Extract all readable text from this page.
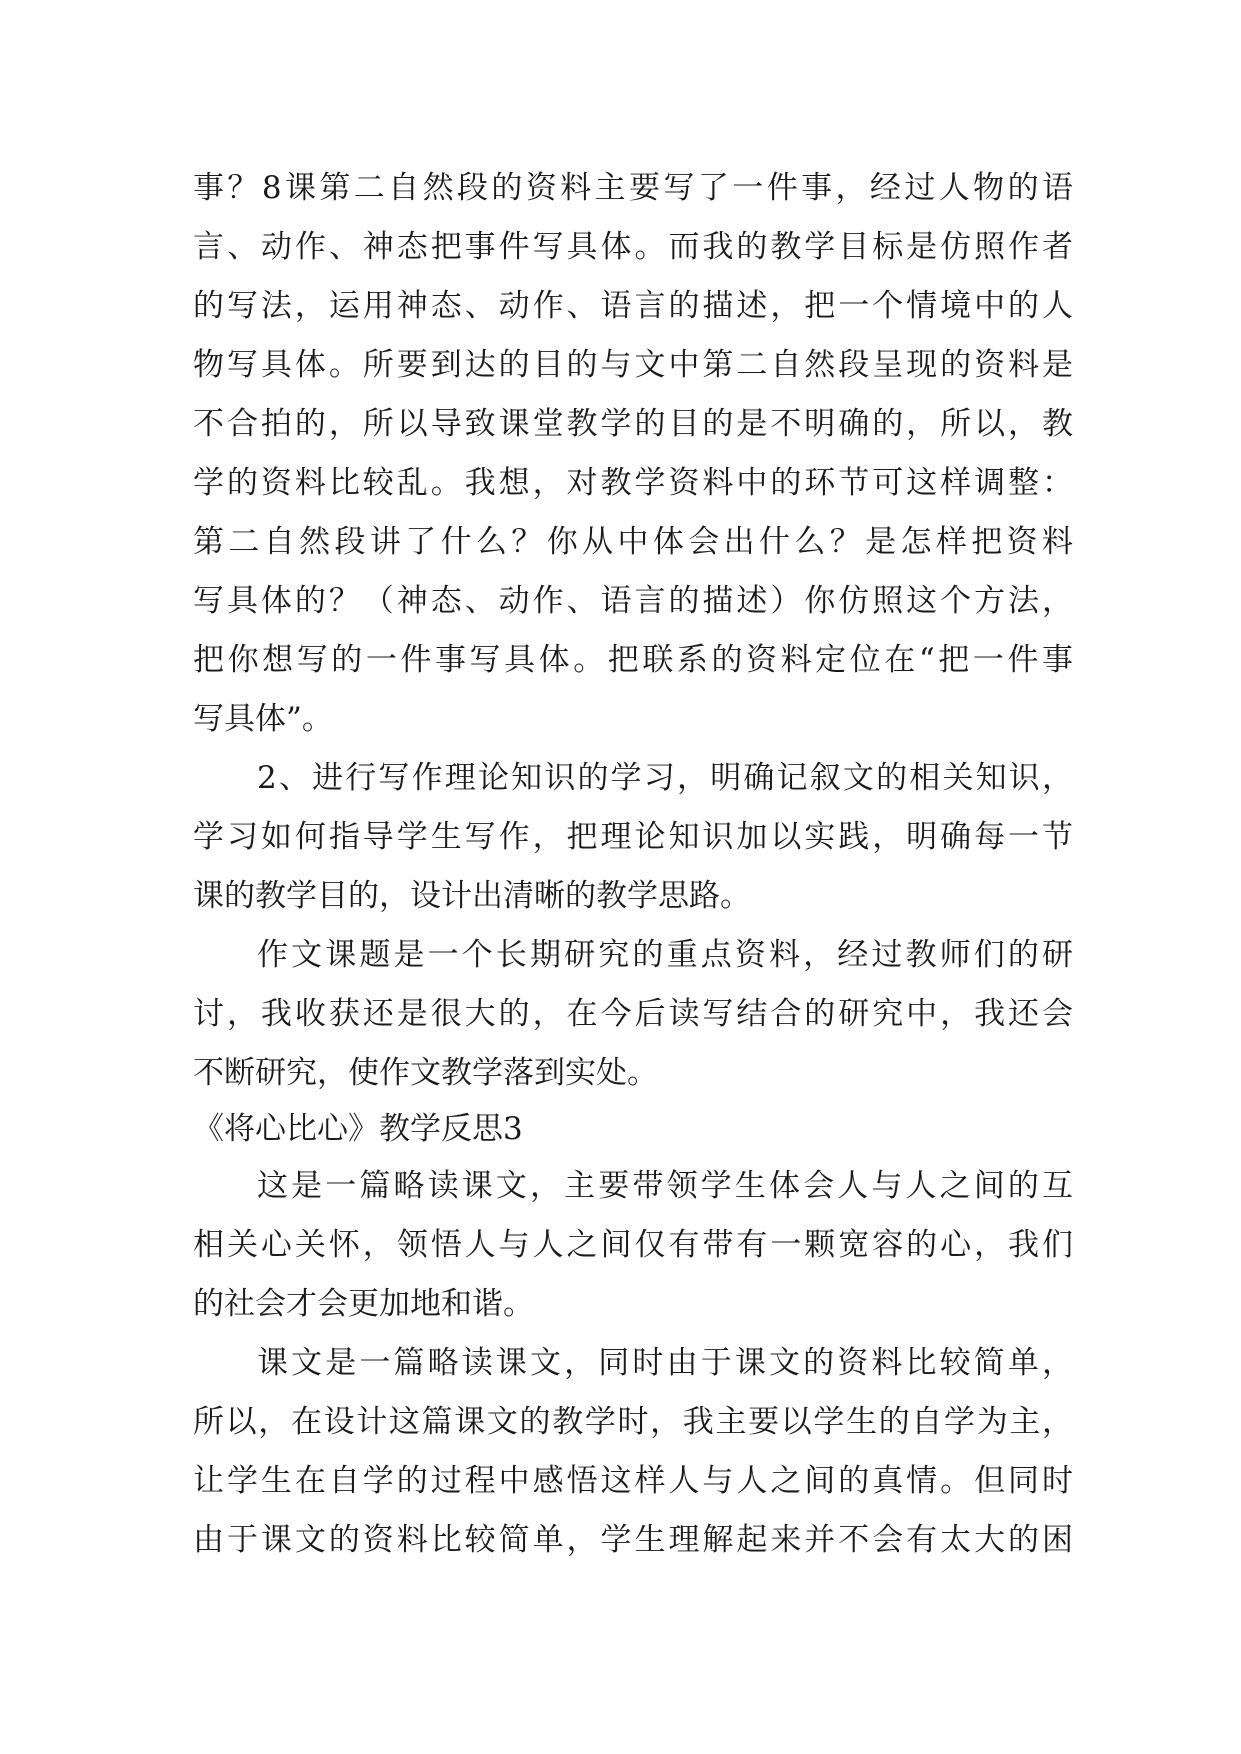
事？8课第二自然段的资料主要写了一件事，经过人物的语
言、动作、神态把事件写具体。而我的教学目标是仿照作者
的写法，运用神态、动作、语言的描述，把一个情境中的人
物写具体。所要到达的目的与文中第二自然段呈现的资料是
不合拍的，所以导致课堂教学的目的是不明确的，所以，教
学的资料比较乱。我想，对教学资料中的环节可这样调整：
第二自然段讲了什么？你从中体会出什么？是怎样把资料
写具体的？（神态、动作、语言的描述）你仿照这个方法，
把你想写的一件事写具体。把联系的资料定位在“把一件事
写具体”。
2、进行写作理论知识的学习，明确记叙文的相关知识，
学习如何指导学生写作，把理论知识加以实践，明确每一节
课的教学目的，设计出清晰的教学思路。
作文课题是一个长期研究的重点资料，经过教师们的研
讨，我收获还是很大的，在今后读写结合的研究中，我还会
不断研究，使作文教学落到实处。
《将心比心》教学反思3
这是一篇略读课文，主要带领学生体会人与人之间的互
相关心关怀，领悟人与人之间仅有带有一颗宽容的心，我们
的社会才会更加地和谐。
课文是一篇略读课文，同时由于课文的资料比较简单，
所以，在设计这篇课文的教学时，我主要以学生的自学为主，
让学生在自学的过程中感悟这样人与人之间的真情。但同时
由于课文的资料比较简单，学生理解起来并不会有太大的困
